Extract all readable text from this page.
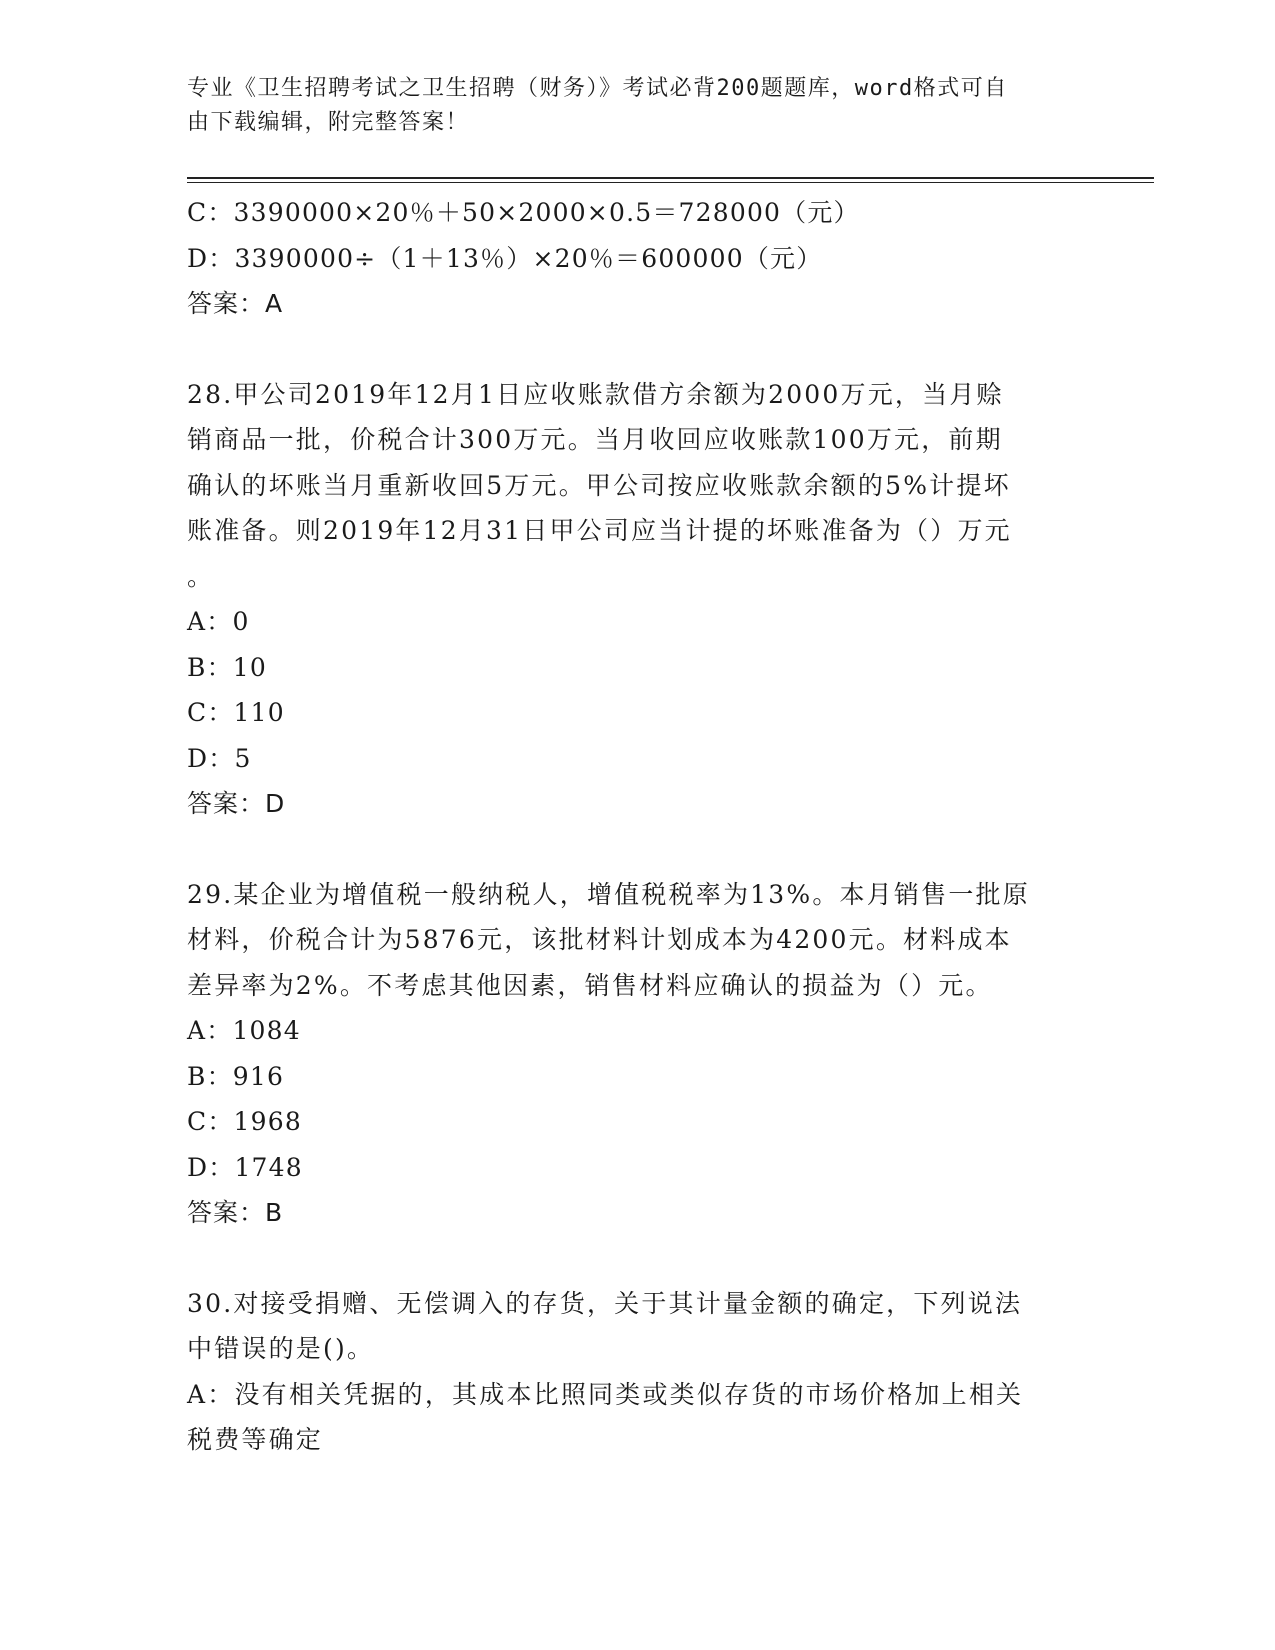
专业《卫生招聘考试之卫生招聘（财务）》考试必背200题题库，word格式可自
由下载编辑，附完整答案！

C：3390000×20％＋50×2000×0.5＝728000（元）

D：3390000÷（1＋13％）×20％＝600000（元）

答案：A

28.甲公司2019年12月1日应收账款借方余额为2000万元，当月赊

销商品一批，价税合计300万元。当月收回应收账款100万元，前期

确认的坏账当月重新收回5万元。甲公司按应收账款余额的5%计提坏

账准备。则2019年12月31日甲公司应当计提的坏账准备为（）万元

。

A：0

B：10

C：110

D：5

答案：D

29.某企业为增值税一般纳税人，增值税税率为13%。本月销售一批原

材料，价税合计为5876元，该批材料计划成本为4200元。材料成本

差异率为2%。不考虑其他因素，销售材料应确认的损益为（）元。

A：1084

B：916

C：1968

D：1748

答案：B

30.对接受捐赠、无偿调入的存货，关于其计量金额的确定，下列说法

中错误的是()。

A：没有相关凭据的，其成本比照同类或类似存货的市场价格加上相关

税费等确定
